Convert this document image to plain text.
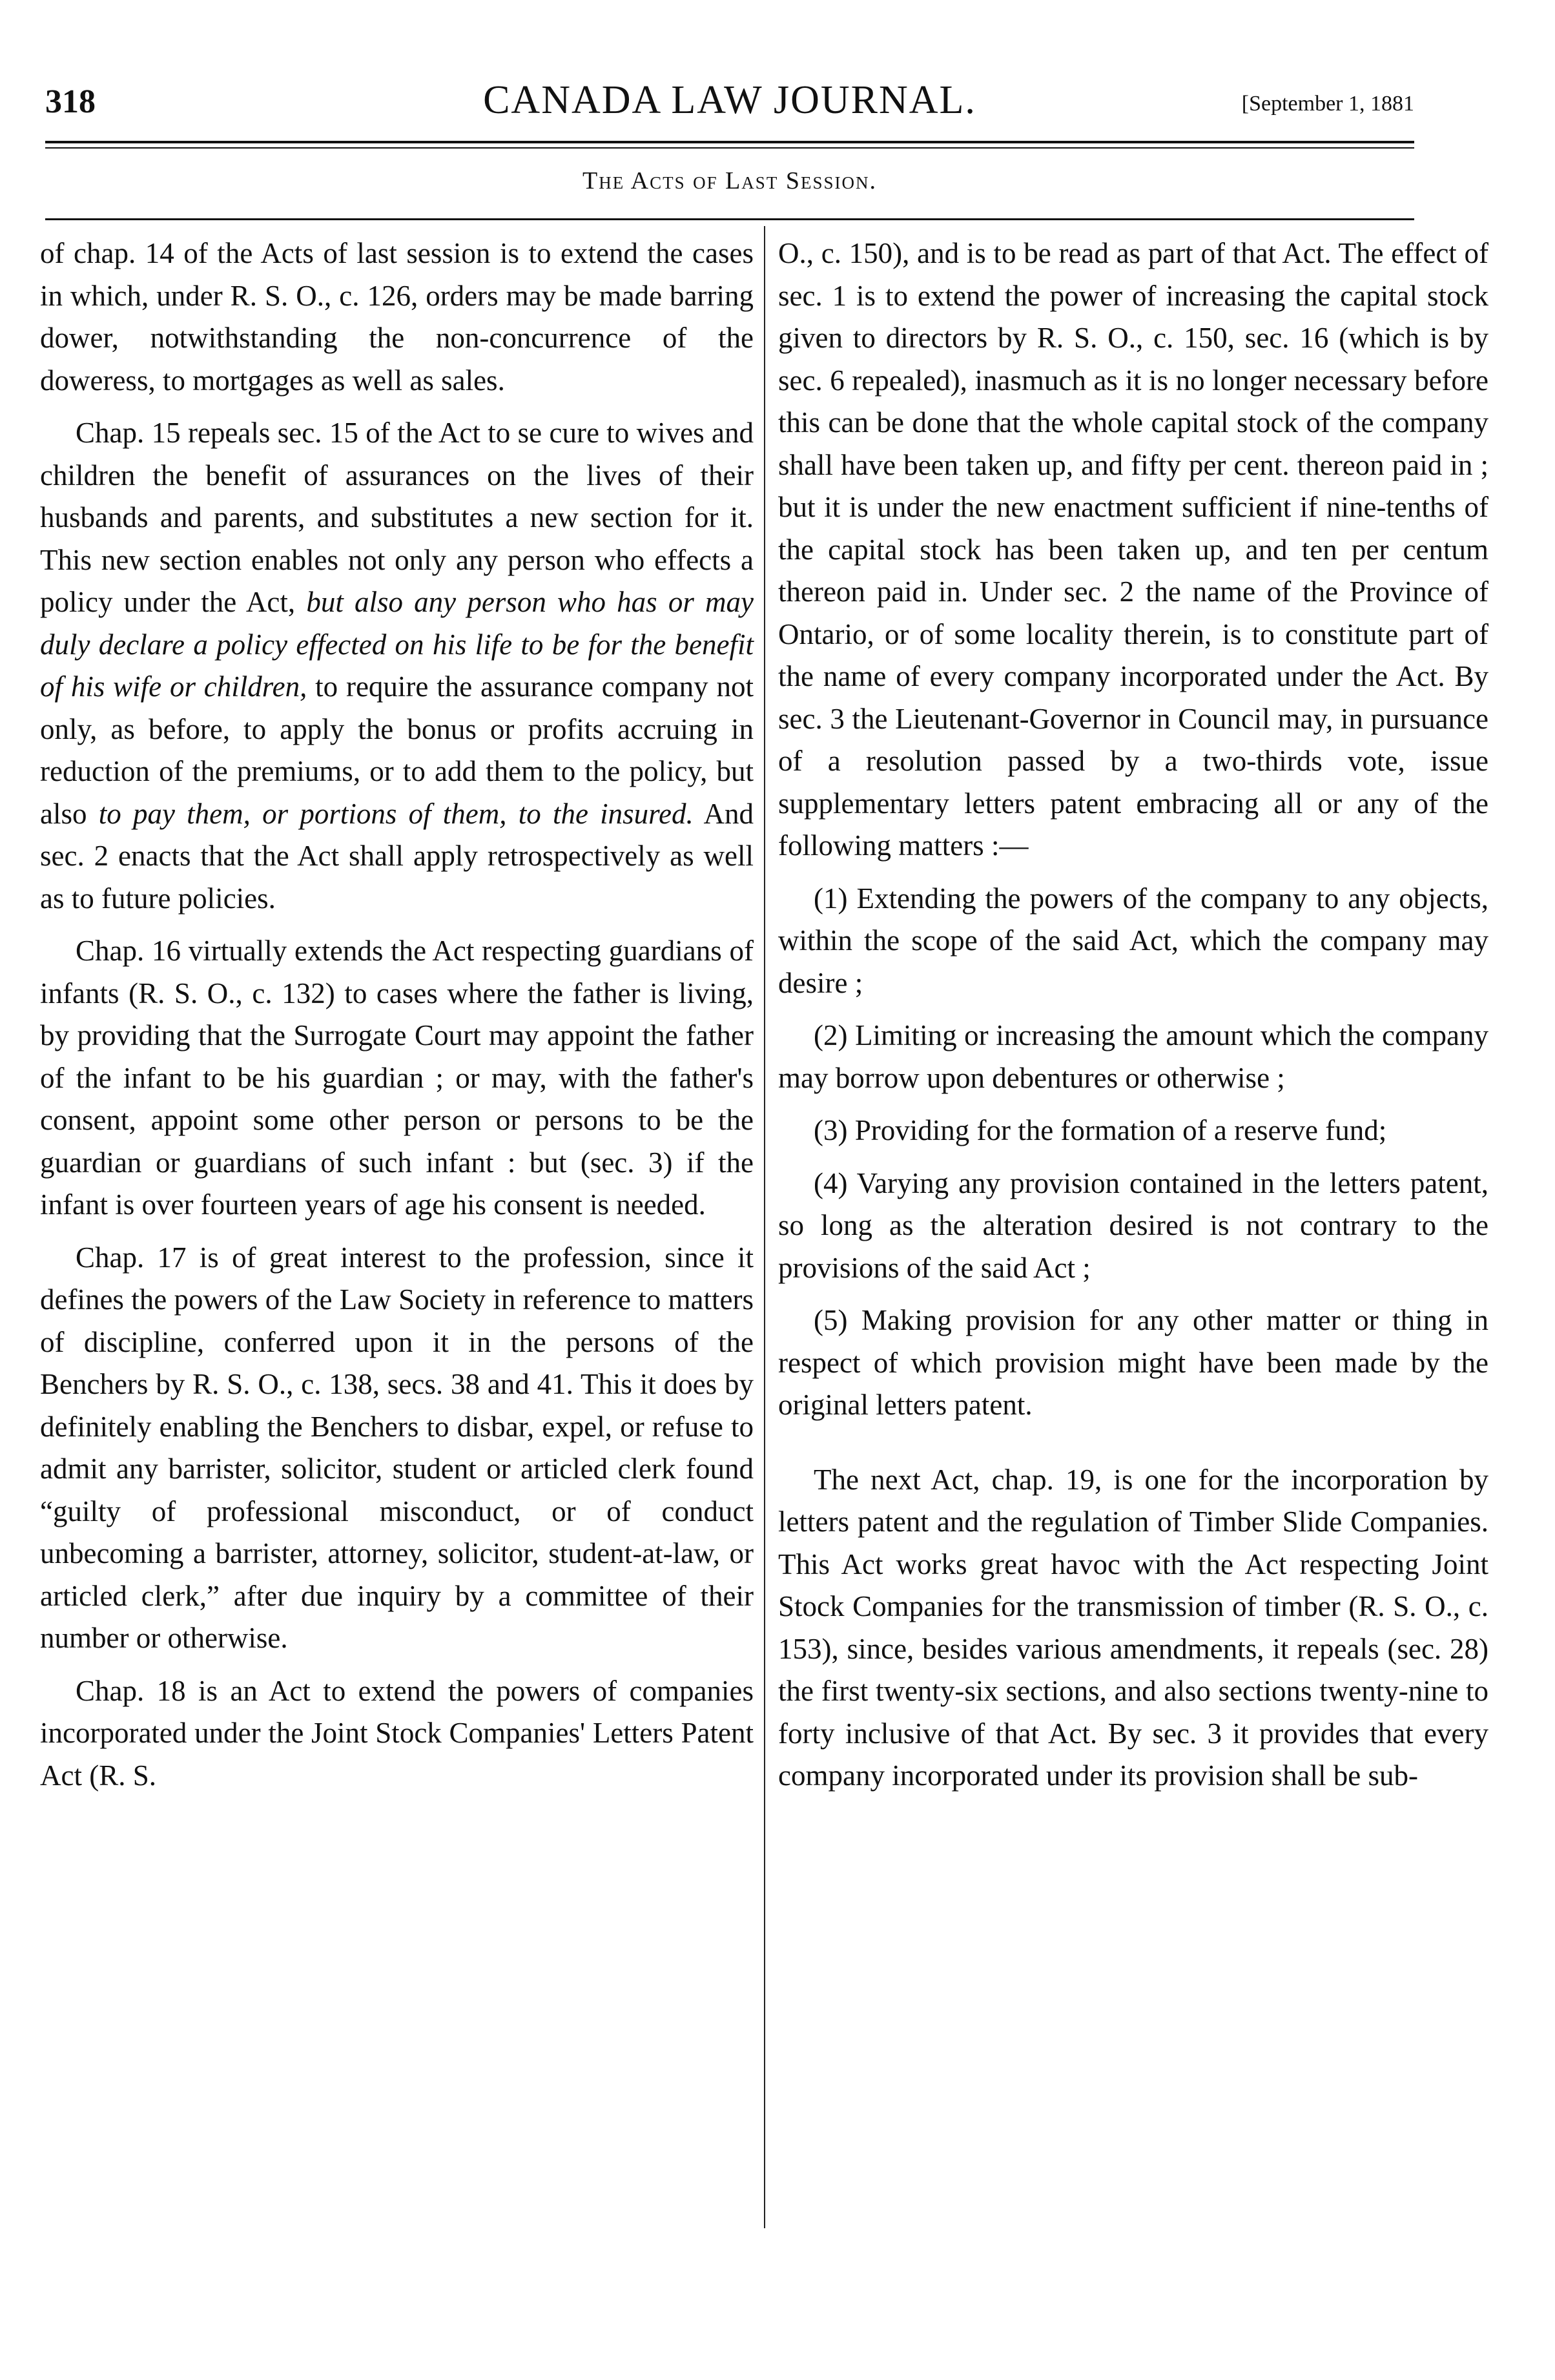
318	CANADA LAW JOURNAL.	[September 1, 1881
The Acts of Last Session.

of chap. 14 of the Acts of last session is to extend the cases in which, under R. S. O., c. 126, orders may be made barring dower, notwithstanding the non-concurrence of the doweress, to mortgages as well as sales.

Chap. 15 repeals sec. 15 of the Act to se cure to wives and children the benefit of assurances on the lives of their husbands and parents, and substitutes a new section for it. This new section enables not only any person who effects a policy under the Act, but also any person who has or may duly declare a policy effected on his life to be for the benefit of his wife or children, to require the assurance company not only, as before, to apply the bonus or profits accruing in reduction of the premiums, or to add them to the policy, but also to pay them, or portions of them, to the insured. And sec. 2 enacts that the Act shall apply retrospectively as well as to future policies.

Chap. 16 virtually extends the Act respecting guardians of infants (R. S. O., c. 132) to cases where the father is living, by providing that the Surrogate Court may appoint the father of the infant to be his guardian ; or may, with the father's consent, appoint some other person or persons to be the guardian or guardians of such infant : but (sec. 3) if the infant is over fourteen years of age his consent is needed.

Chap. 17 is of great interest to the profession, since it defines the powers of the Law Society in reference to matters of discipline, conferred upon it in the persons of the Benchers by R. S. O., c. 138, secs. 38 and 41. This it does by definitely enabling the Benchers to disbar, expel, or refuse to admit any barrister, solicitor, student or articled clerk found “guilty of professional misconduct, or of conduct unbecoming a barrister, attorney, solicitor, student-at-law, or articled clerk,” after due inquiry by a committee of their number or otherwise.

Chap. 18 is an Act to extend the powers of companies incorporated under the Joint Stock Companies' Letters Patent Act (R. S.

O., c. 150), and is to be read as part of that Act. The effect of sec. 1 is to extend the power of increasing the capital stock given to directors by R. S. O., c. 150, sec. 16 (which is by sec. 6 repealed), inasmuch as it is no longer necessary before this can be done that the whole capital stock of the company shall have been taken up, and fifty per cent. thereon paid in ; but it is under the new enactment sufficient if nine-tenths of the capital stock has been taken up, and ten per centum thereon paid in. Under sec. 2 the name of the Province of Ontario, or of some locality therein, is to constitute part of the name of every company incorporated under the Act. By sec. 3 the Lieutenant-Governor in Council may, in pursuance of a resolution passed by a two-thirds vote, issue supplementary letters patent embracing all or any of the following matters :—

(1) Extending the powers of the company to any objects, within the scope of the said Act, which the company may desire ;

(2) Limiting or increasing the amount which the company may borrow upon debentures or otherwise ;

(3) Providing for the formation of a reserve fund;

(4) Varying any provision contained in the letters patent, so long as the alteration desired is not contrary to the provisions of the said Act ;

(5) Making provision for any other matter or thing in respect of which provision might have been made by the original letters patent.

The next Act, chap. 19, is one for the incorporation by letters patent and the regulation of Timber Slide Companies. This Act works great havoc with the Act respecting Joint Stock Companies for the transmission of timber (R. S. O., c. 153), since, besides various amendments, it repeals (sec. 28) the first twenty-six sections, and also sections twenty-nine to forty inclusive of that Act. By sec. 3 it provides that every company incorporated under its provision shall be sub-
